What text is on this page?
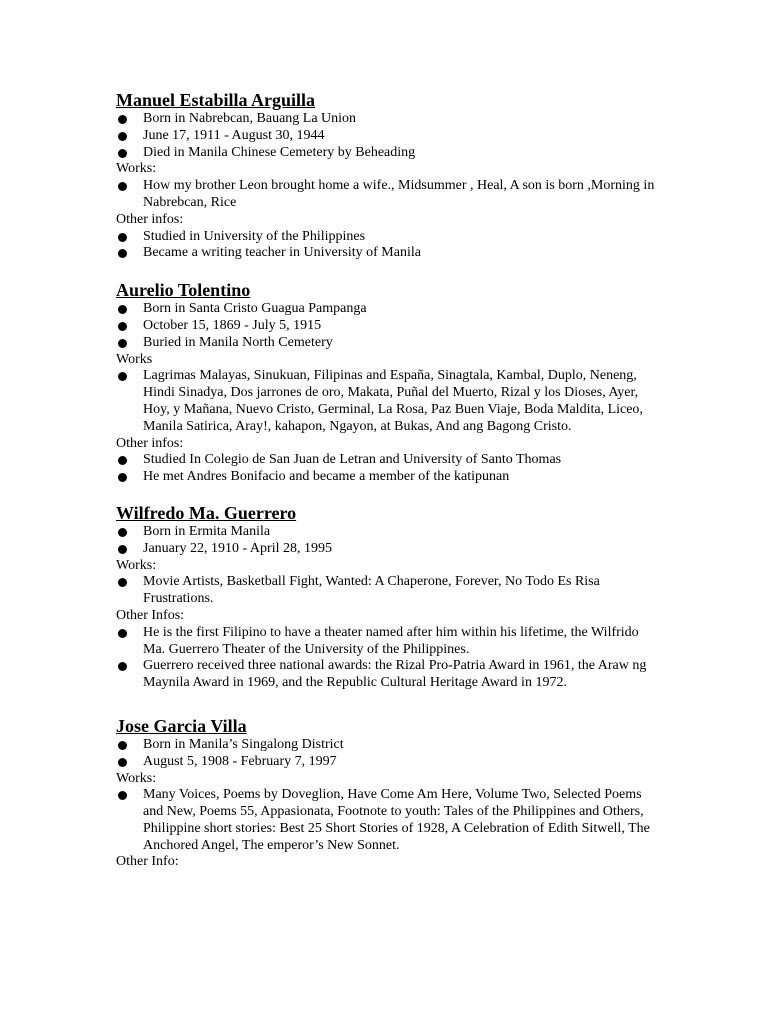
Manuel Estabilla Arguilla
Born in Nabrebcan, Bauang La Union
June 17, 1911 - August 30, 1944
Died in Manila Chinese Cemetery by Beheading

Works:

How my brother Leon brought home a wife., Midsummer , Heal, A son is born ,Morning in Nabrebcan, Rice

Other infos:

Studied in University of the Philippines
Became a writing teacher in University of Manila
Aurelio Tolentino
Born in Santa Cristo Guagua Pampanga
October 15, 1869 - July 5, 1915
Buried in Manila North Cemetery

Works

Lagrimas Malayas, Sinukuan, Filipinas and España, Sinagtala, Kambal, Duplo, Neneng, Hindi Sinadya, Dos jarrones de oro, Makata, Puñal del Muerto, Rizal y los Dioses, Ayer, Hoy, y Mañana, Nuevo Cristo, Germinal, La Rosa, Paz Buen Viaje, Boda Maldita, Liceo, Manila Satirica, Aray!, kahapon, Ngayon, at Bukas, And ang Bagong Cristo.

Other infos:

Studied In Colegio de San Juan de Letran and University of Santo Thomas
He met Andres Bonifacio and became a member of the katipunan
Wilfredo Ma. Guerrero
Born in Ermita Manila
January 22, 1910 - April 28, 1995

Works:

Movie Artists, Basketball Fight, Wanted: A Chaperone, Forever, No Todo Es Risa Frustrations.

Other Infos:

He is the first Filipino to have a theater named after him within his lifetime, the Wilfrido Ma. Guerrero Theater of the University of the Philippines.
Guerrero received three national awards: the Rizal Pro-Patria Award in 1961, the Araw ng Maynila Award in 1969, and the Republic Cultural Heritage Award in 1972.
Jose Garcia Villa
Born in Manila’s Singalong District
August 5, 1908 - February 7, 1997

Works:

Many Voices, Poems by Doveglion, Have Come Am Here, Volume Two, Selected Poems and New, Poems 55, Appasionata, Footnote to youth: Tales of the Philippines and Others, Philippine short stories: Best 25 Short Stories of 1928, A Celebration of Edith Sitwell, The Anchored Angel, The emperor’s New Sonnet.

Other Info:
